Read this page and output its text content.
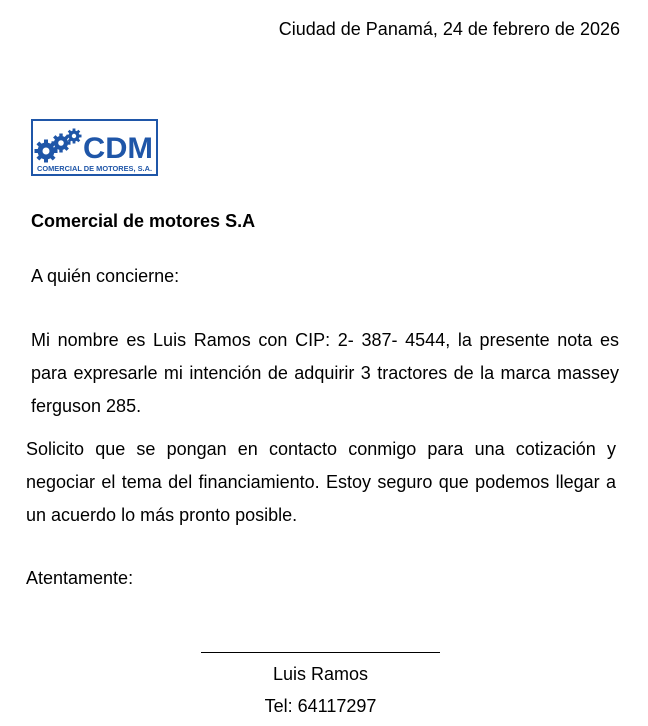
Ciudad de Panamá, 24 de febrero de 2026
CDM
COMERCIAL DE MOTORES, S.A.
Comercial de motores S.A
A quién concierne:

Mi nombre es Luis Ramos con CIP: 2- 387- 4544, la presente nota es para expresarle mi intención de adquirir 3 tractores de la marca massey ferguson 285.

Solicito que se pongan en contacto conmigo para una cotización y negociar el tema del financiamiento. Estoy seguro que podemos llegar a un acuerdo lo más pronto posible.

Atentamente:
Luis Ramos
Tel: 64117297
